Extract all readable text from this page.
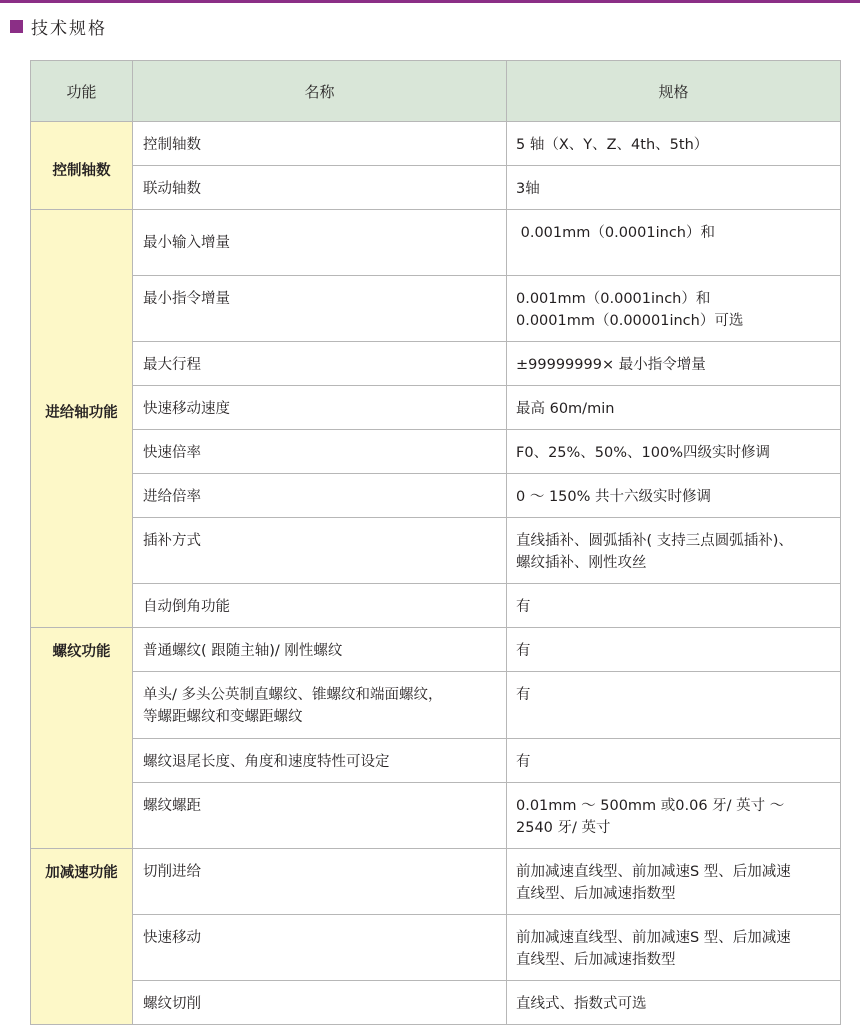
技术规格
功能	名称	规格

控制轴数	控制轴数	5 轴（X、Y、Z、4th、5th）

	联动轴数	3轴

进给轴功能	最小输入增量	0.001mm（0.0001inch）和

	最小指令增量	0.001mm（0.0001inch）和
0.0001mm（0.00001inch）可选

	最大行程	±99999999× 最小指令增量

	快速移动速度	最高 60m/min

	快速倍率	F0、25%、50%、100%四级实时修调

	进给倍率	0 ～ 150% 共十六级实时修调

	插补方式	直线插补、圆弧插补( 支持三点圆弧插补)、
螺纹插补、刚性攻丝

	自动倒角功能	有

螺纹功能	普通螺纹( 跟随主轴)/ 刚性螺纹	有

	单头/ 多头公英制直螺纹、锥螺纹和端面螺纹，
等螺距螺纹和变螺距螺纹	有

	螺纹退尾长度、角度和速度特性可设定	有

	螺纹螺距	0.01mm ～ 500mm 或0.06 牙/ 英寸 ～
2540 牙/ 英寸

加减速功能	切削进给	前加减速直线型、前加减速S 型、后加减速
直线型、后加减速指数型

	快速移动	前加减速直线型、前加减速S 型、后加减速
直线型、后加减速指数型

	螺纹切削	直线式、指数式可选
